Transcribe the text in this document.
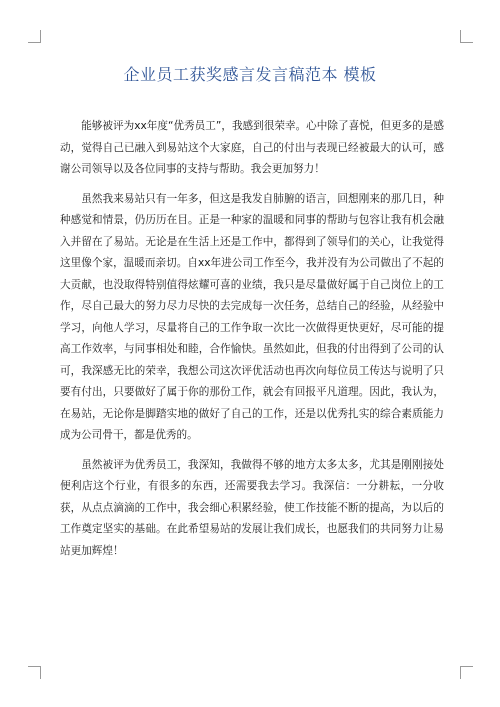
企业员工获奖感言发言稿范本 模板

能够被评为xx年度“优秀员工”，我感到很荣幸。心中除了喜悦，但更多的是感动，觉得自己已融入到易站这个大家庭，自己的付出与表现已经被最大的认可，感谢公司领导以及各位同事的支持与帮助。我会更加努力！

虽然我来易站只有一年多，但这是我发自肺腑的语言，回想刚来的那几日，种种感觉和情景，仍历历在目。正是一种家的温暖和同事的帮助与包容让我有机会融入并留在了易站。无论是在生活上还是工作中，都得到了领导们的关心，让我觉得这里像个家，温暖而亲切。自xx年进公司工作至今，我并没有为公司做出了不起的大贡献，也没取得特别值得炫耀可喜的业绩，我只是尽量做好属于自己岗位上的工作，尽自己最大的努力尽力尽快的去完成每一次任务，总结自己的经验，从经验中学习，向他人学习，尽量将自己的工作争取一次比一次做得更快更好，尽可能的提高工作效率，与同事相处和睦，合作愉快。虽然如此，但我的付出得到了公司的认可，我深感无比的荣幸，我想公司这次评优活动也再次向每位员工传达与说明了只要有付出，只要做好了属于你的那份工作，就会有回报平凡道理。因此，我认为，在易站，无论你是脚踏实地的做好了自己的工作，还是以优秀扎实的综合素质能力成为公司骨干，都是优秀的。

虽然被评为优秀员工，我深知，我做得不够的地方太多太多，尤其是刚刚接处便利店这个行业，有很多的东西，还需要我去学习。我深信：一分耕耘，一分收获，从点点滴滴的工作中，我会细心积累经验，使工作技能不断的提高，为以后的工作奠定坚实的基础。在此希望易站的发展让我们成长，也愿我们的共同努力让易站更加辉煌！
